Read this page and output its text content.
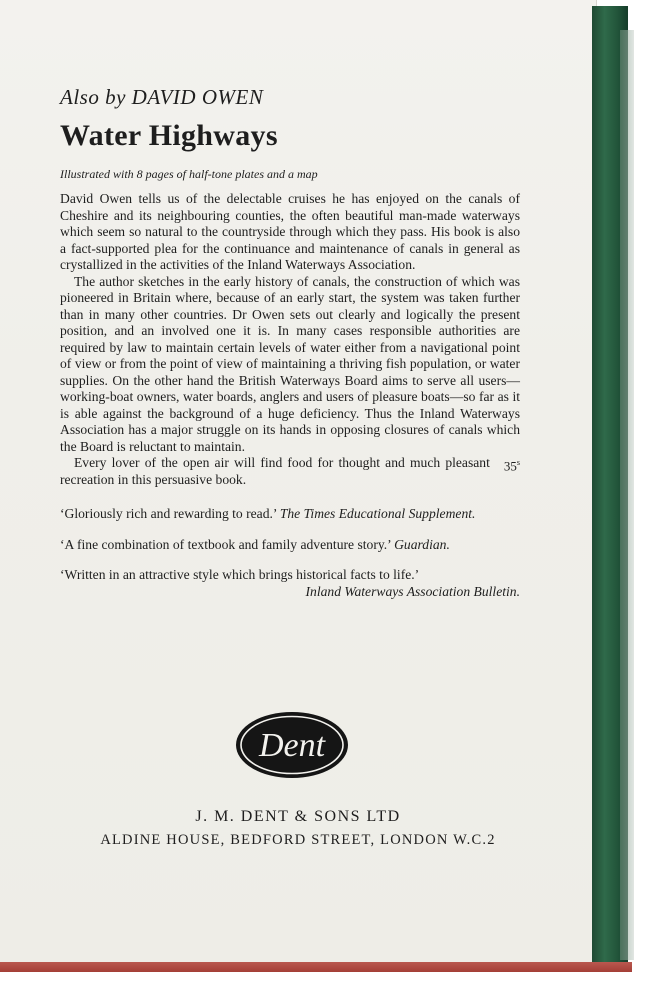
Also by DAVID OWEN

Water Highways

Illustrated with 8 pages of half-tone plates and a map

David Owen tells us of the delectable cruises he has enjoyed on the canals of Cheshire and its neighbouring counties, the often beautiful man-made waterways which seem so natural to the countryside through which they pass. His book is also a fact-supported plea for the continuance and maintenance of canals in general as crystallized in the activities of the Inland Waterways Association.

The author sketches in the early history of canals, the construction of which was pioneered in Britain where, because of an early start, the system was taken further than in many other countries. Dr Owen sets out clearly and logically the present position, and an involved one it is. In many cases responsible authorities are required by law to maintain certain levels of water either from a navigational point of view or from the point of view of maintaining a thriving fish population, or water supplies. On the other hand the British Waterways Board aims to serve all users—working-boat owners, water boards, anglers and users of pleasure boats—so far as it is able against the background of a huge deficiency. Thus the Inland Waterways Association has a major struggle on its hands in opposing closures of canals which the Board is reluctant to maintain.

35$^s$
Every lover of the open air will find food for thought and much pleasant recreation in this persuasive book.

‘Gloriously rich and rewarding to read.’ The Times Educational Supplement.

‘A fine combination of textbook and family adventure story.’ Guardian.

‘Written in an attractive style which brings historical facts to life.’

Inland Waterways Association Bulletin.
Dent
J. M. DENT & SONS LTD
ALDINE HOUSE, BEDFORD STREET, LONDON W.C.2
